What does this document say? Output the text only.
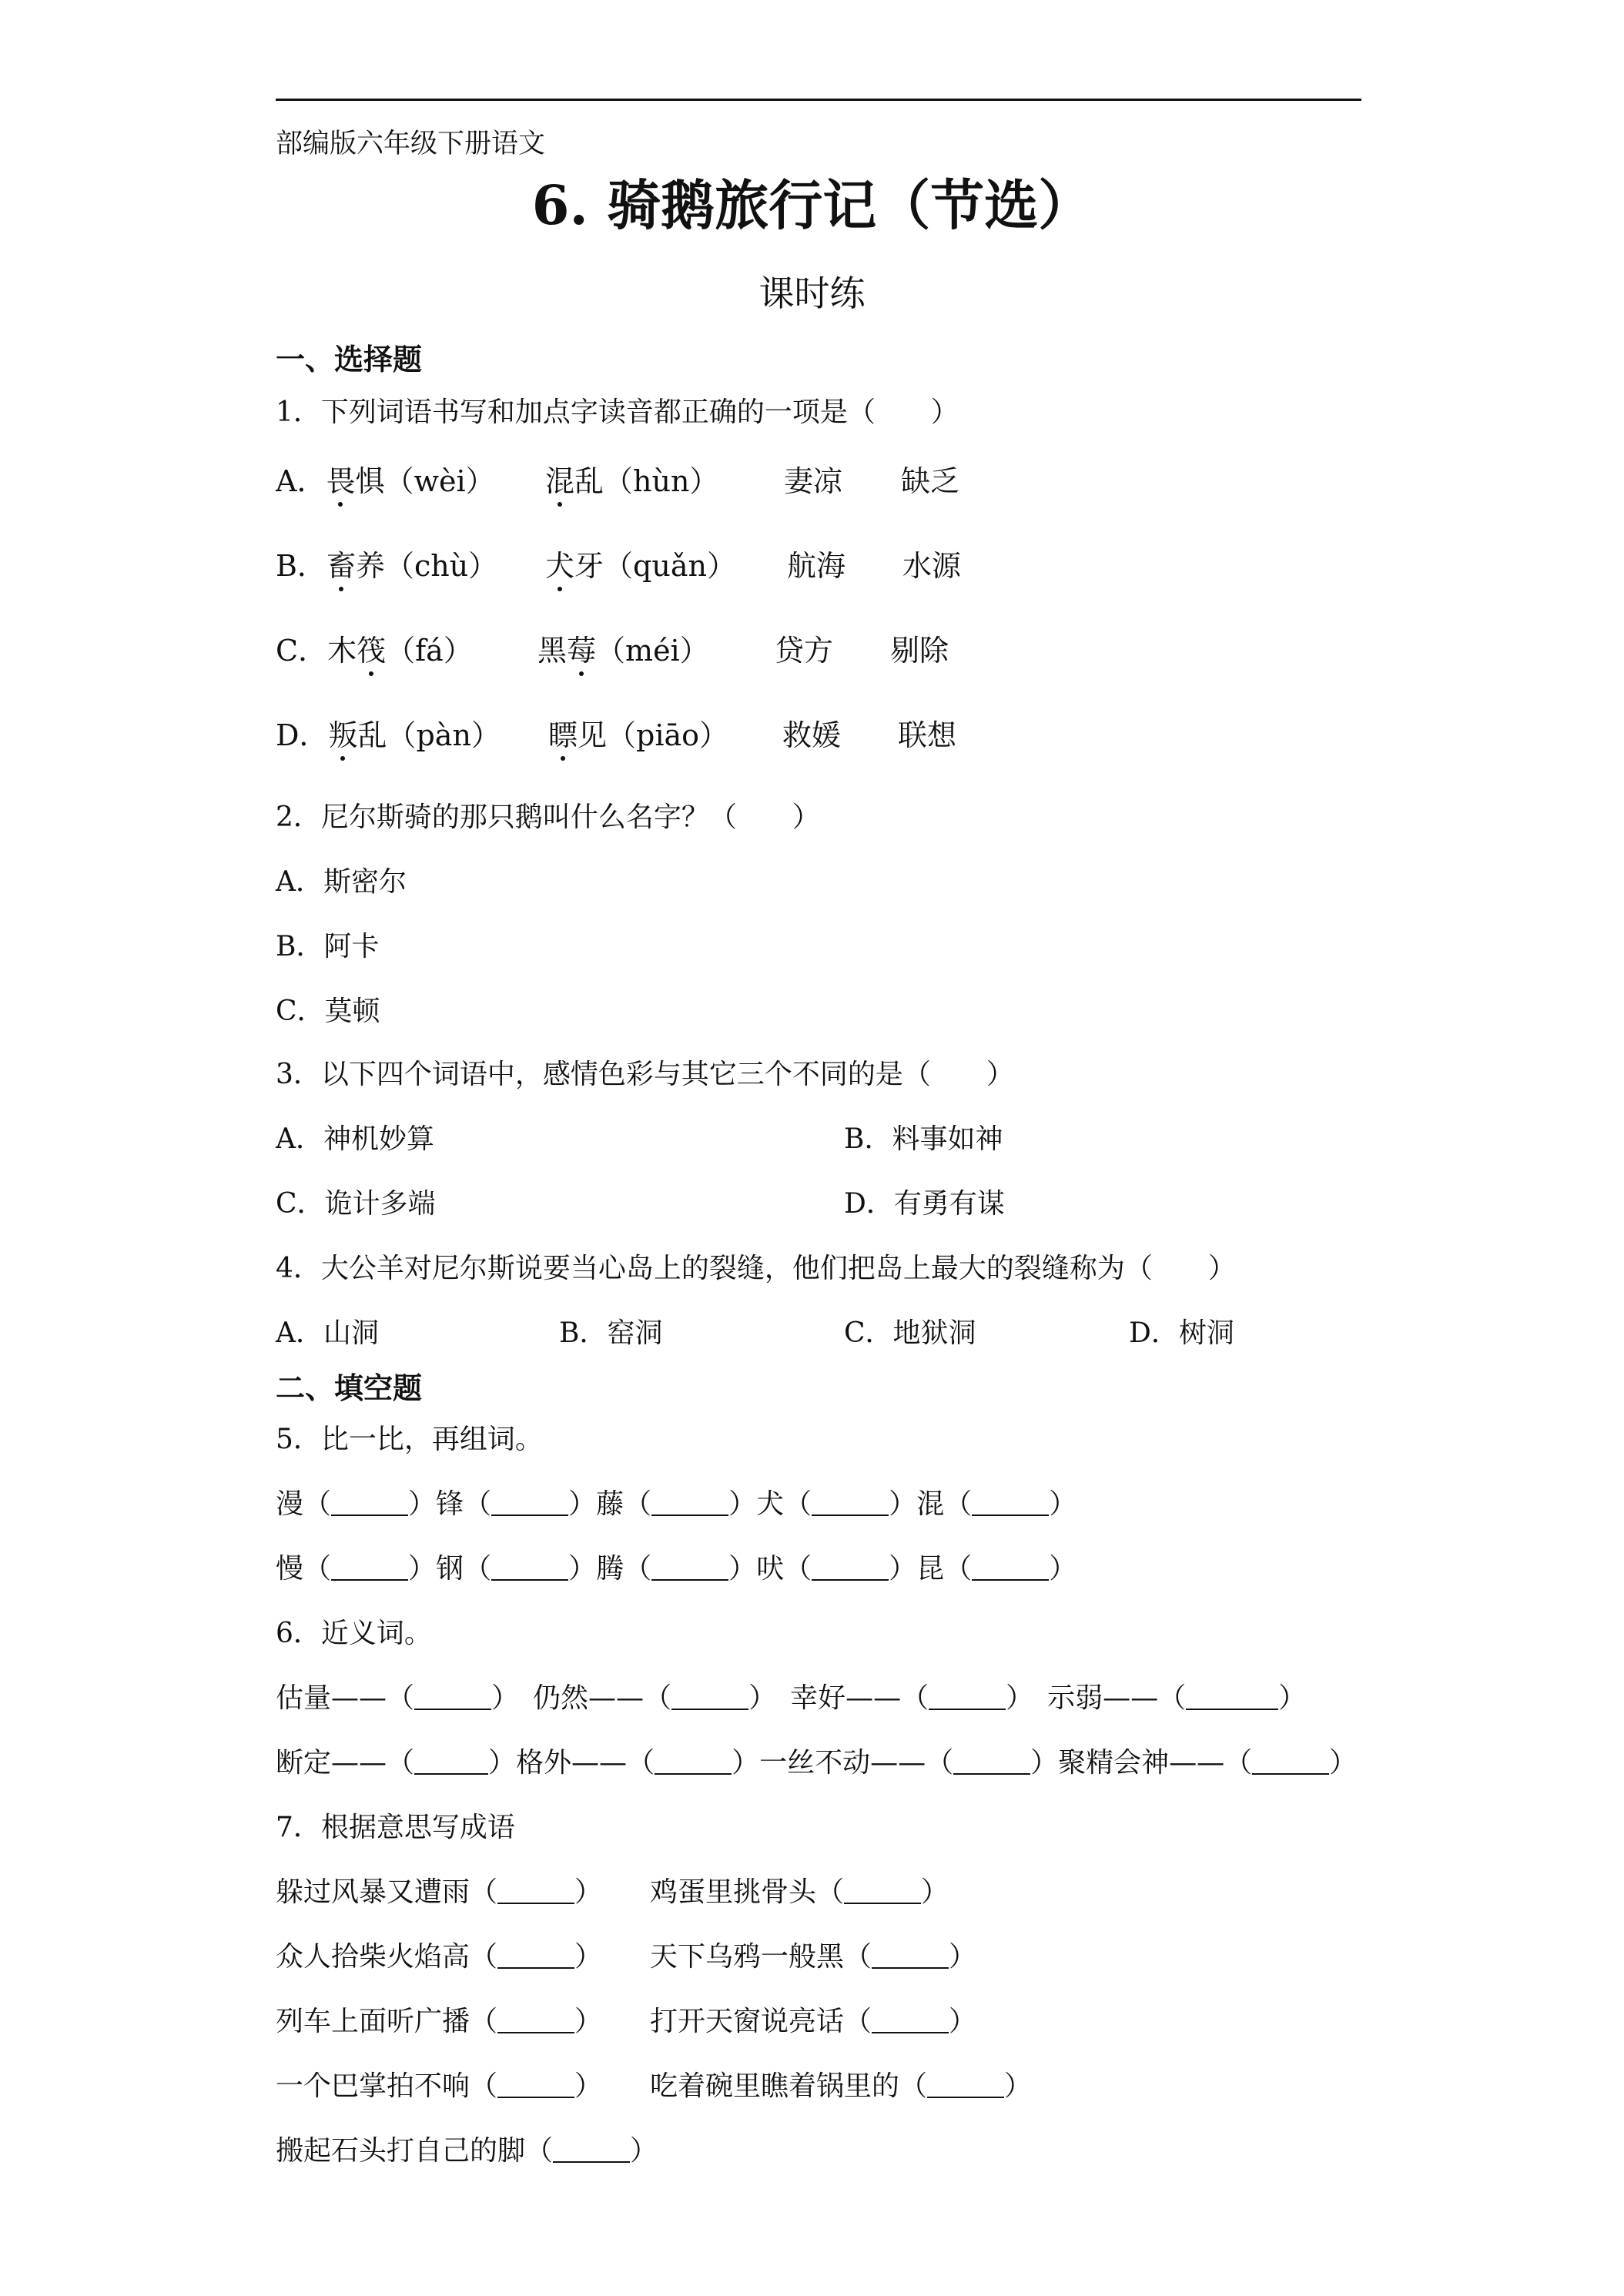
部编版六年级下册语文
6. 骑鹅旅行记（节选）
课时练
一、选择题
1．下列词语书写和加点字读音都正确的一项是（　　）
A．畏惧（wèi） 混乱（hùn） 妻凉 缺乏
B．畜养（chù） 犬牙（quǎn） 航海 水源
C．木筏（fá） 黑莓（méi） 贷方 剔除
D．叛乱（pàn） 瞟见（piāo） 救媛 联想
2．尼尔斯骑的那只鹅叫什么名字？（　　）
A．斯密尔
B．阿卡
C．莫顿
3．以下四个词语中，感情色彩与其它三个不同的是（　　）
A．神机妙算	B．料事如神
C．诡计多端	D．有勇有谋
4．大公羊对尼尔斯说要当心岛上的裂缝，他们把岛上最大的裂缝称为（　　）
A．山洞	B．窑洞	C．地狱洞	D．树洞
二、填空题
5．比一比，再组词。
漫（	）锋（	）藤（	）犬（	）混（	）
慢（	）钢（	）腾（	）吠（	）昆（	）
6．近义词。
估量——（	） 仍然——（	） 幸好——（	） 示弱——（	）
断定——（	）格外——（	）一丝不动——（	）聚精会神——（	）
7．根据意思写成语
躲过风暴又遭雨（	） 鸡蛋里挑骨头（	）
众人拾柴火焰高（	） 天下乌鸦一般黑（	）
列车上面听广播（	） 打开天窗说亮话（	）
一个巴掌拍不响（	） 吃着碗里瞧着锅里的（	）
搬起石头打自己的脚（	）
